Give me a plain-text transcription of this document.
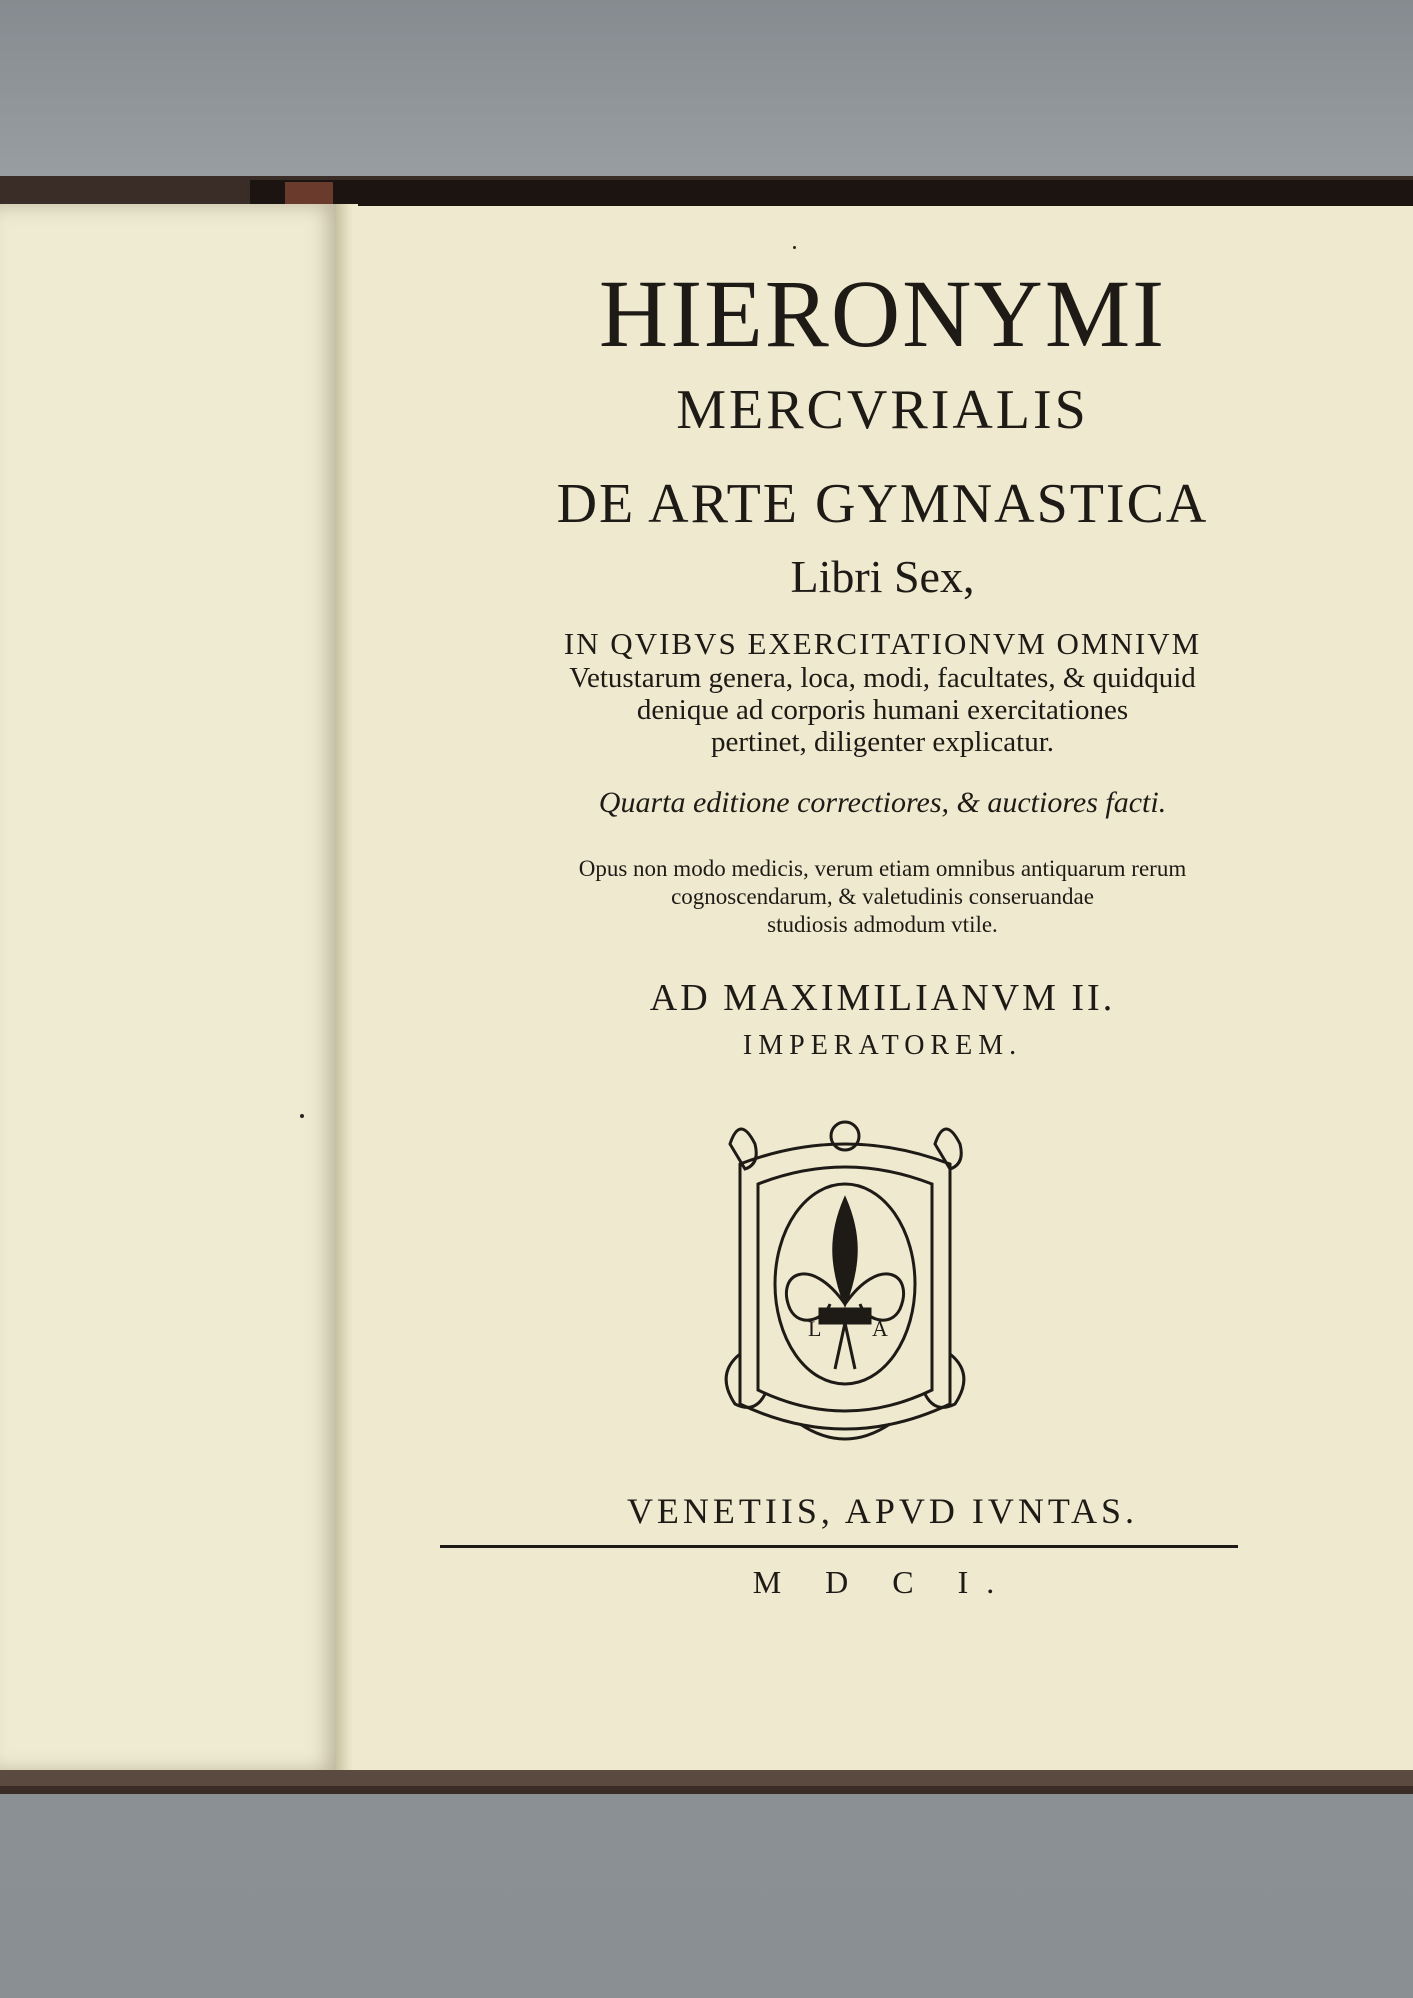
HIERONYMI
MERCVRIALIS
DE ARTE GYMNASTICA
Libri Sex,
IN QVIBVS EXERCITATIONVM OMNIVM
Vetustarum genera, loca, modi, facultates, & quidquid
denique ad corporis humani exercitationes
pertinet, diligenter explicatur.
Quarta editione correctiores, & auctiores facti.
Opus non modo medicis, verum etiam omnibus antiquarum rerum
cognoscendarum, & valetudinis conseruandae
studiosis admodum vtile.
AD MAXIMILIANVM II.
IMPERATOREM.
L A
VENETIIS, APVD IVNTAS.
M D C I.
